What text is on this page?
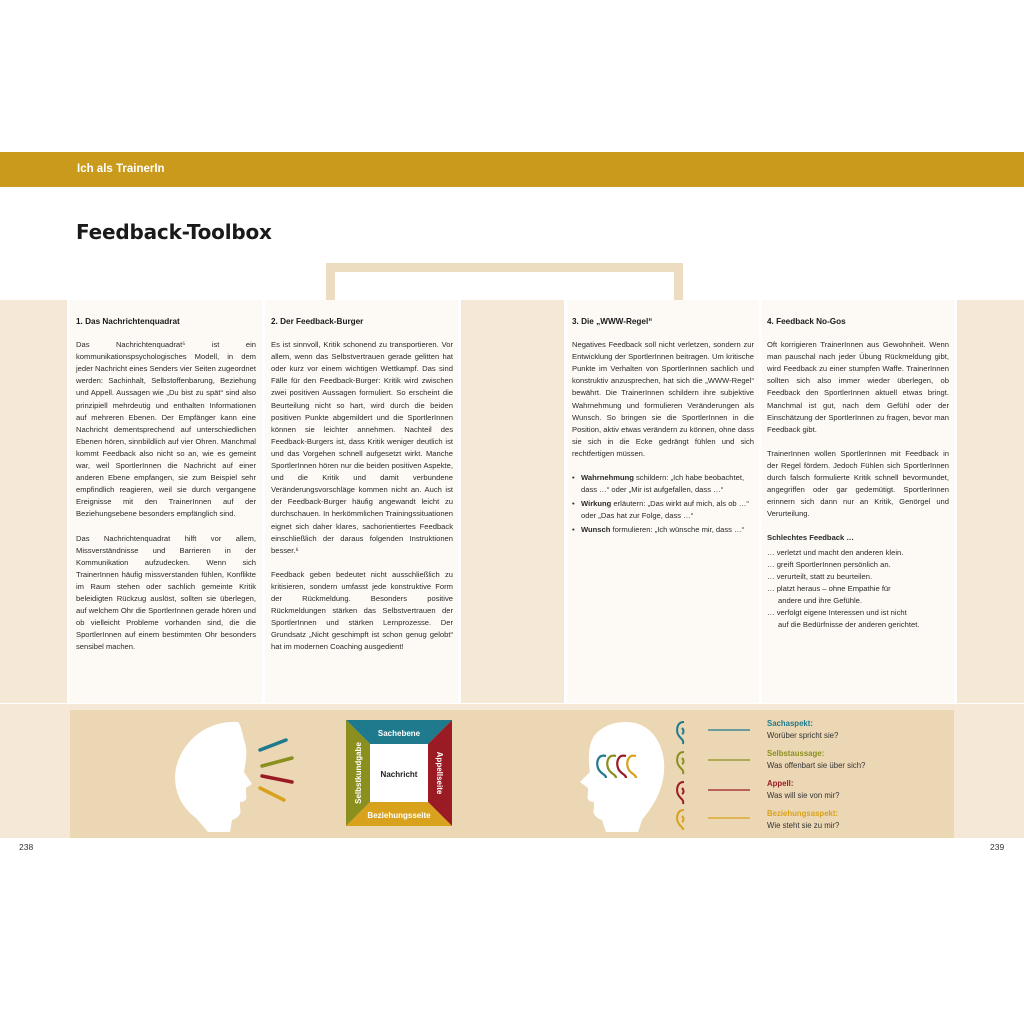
Ich als TrainerIn
Feedback-Toolbox
1. Das Nachrichtenquadrat

Das Nachrichtenquadrat⁵ ist ein kommunikationspsychologisches Modell, in dem jeder Nachricht eines Senders vier Seiten zugeordnet werden: Sachinhalt, Selbstoffenbarung, Beziehung und Appell. Aussagen wie „Du bist zu spät“ sind also prinzipiell mehrdeutig und enthalten Informationen auf mehreren Ebenen. Der Empfänger kann eine Nachricht dementsprechend auf unterschiedlichen Ebenen hören, sinnbildlich auf vier Ohren. Manchmal kommt Feedback also nicht so an, wie es gemeint war, weil SportlerInnen die Nachricht auf einer anderen Ebene empfangen, sie zum Beispiel sehr empfindlich reagieren, weil sie durch vergangene Ereignisse mit den TrainerInnen auf der Beziehungsebene besonders empfänglich sind.

Das Nachrichtenquadrat hilft vor allem, Missverständnisse und Barrieren in der Kommunikation aufzudecken. Wenn sich TrainerInnen häufig missverstanden fühlen, Konflikte im Raum stehen oder sachlich gemeinte Kritik beleidigten Rückzug auslöst, sollten sie überlegen, auf welchem Ohr die SportlerInnen gerade hören und ob vielleicht Probleme vorhanden sind, die die SportlerInnen auf einem bestimmten Ohr besonders sensibel machen.

2. Der Feedback-Burger

Es ist sinnvoll, Kritik schonend zu transportieren. Vor allem, wenn das Selbstvertrauen gerade gelitten hat oder kurz vor einem wichtigen Wettkampf. Das sind Fälle für den Feedback-Burger: Kritik wird zwischen zwei positiven Aussagen formuliert. So erscheint die Beurteilung nicht so hart, wird durch die beiden positiven Punkte abgemildert und die SportlerInnen können sie leichter annehmen. Nachteil des Feedback-Burgers ist, dass Kritik weniger deutlich ist und das Vorgehen schnell aufgesetzt wirkt. Manche SportlerInnen hören nur die beiden positiven Aspekte, und die Kritik und damit verbundene Veränderungsvorschläge kommen nicht an. Auch ist der Feedback-Burger häufig angewandt leicht zu durchschauen. In herkömmlichen Trainingssituationen eignet sich daher klares, sachorientiertes Feedback einschließlich der daraus folgenden Instruktionen besser.⁶

Feedback geben bedeutet nicht ausschließlich zu kritisieren, sondern umfasst jede konstruktive Form der Rückmeldung. Besonders positive Rückmeldungen stärken das Selbstvertrauen der SportlerInnen und stärken Lernprozesse. Der Grundsatz „Nicht geschimpft ist schon genug gelobt“ hat im modernen Coaching ausgedient!

3. Die „WWW-Regel“

Negatives Feedback soll nicht verletzen, sondern zur Entwicklung der SportlerInnen beitragen. Um kritische Punkte im Verhalten von SportlerInnen sachlich und konstruktiv anzusprechen, hat sich die „WWW-Regel“ bewährt. Die TrainerInnen schildern ihre subjektive Wahrnehmung und formulieren Veränderungen als Wunsch. So bringen sie die SportlerInnen in die Position, aktiv etwas verändern zu können, ohne dass sie sich in die Ecke gedrängt fühlen und sich rechtfertigen müssen.

• Wahrnehmung schildern: „Ich habe beobachtet, dass …“ oder „Mir ist aufgefallen, dass …“
• Wirkung erläutern: „Das wirkt auf mich, als ob …“ oder „Das hat zur Folge, dass …“
• Wunsch formulieren: „Ich wünsche mir, dass …“
4. Feedback No-Gos

Oft korrigieren TrainerInnen aus Gewohnheit. Wenn man pauschal nach jeder Übung Rückmeldung gibt, wird Feedback zu einer stumpfen Waffe. TrainerInnen sollten sich also immer wieder überlegen, ob Feedback den SportlerInnen aktuell etwas bringt. Manchmal ist gut, nach dem Gefühl oder der Einschätzung der SportlerInnen zu fragen, bevor man Feedback gibt.

TrainerInnen wollen SportlerInnen mit Feedback in der Regel fördern. Jedoch Fühlen sich SportlerInnen durch falsch formulierte Kritik schnell bevormundet, angegriffen oder gar gedemütigt. SportlerInnen erinnern sich dann nur an Kritik, Genörgel und Verurteilung.

Schlechtes Feedback …
… verletzt und macht den anderen klein.
… greift SportlerInnen persönlich an.
… verurteilt, statt zu beurteilen.
… platzt heraus – ohne Empathie für
andere und ihre Gefühle.
… verfolgt eigene Interessen und ist nicht
auf die Bedürfnisse der anderen gerichtet.
Sachebene
Beziehungsseite
Nachricht
Selbstkundgabe	Appellseite
Sachaspekt:
Worüber spricht sie?
Selbstaussage:
Was offenbart sie über sich?
Appell:
Was will sie von mir?
Beziehungsaspekt:
Wie steht sie zu mir?
238	239
